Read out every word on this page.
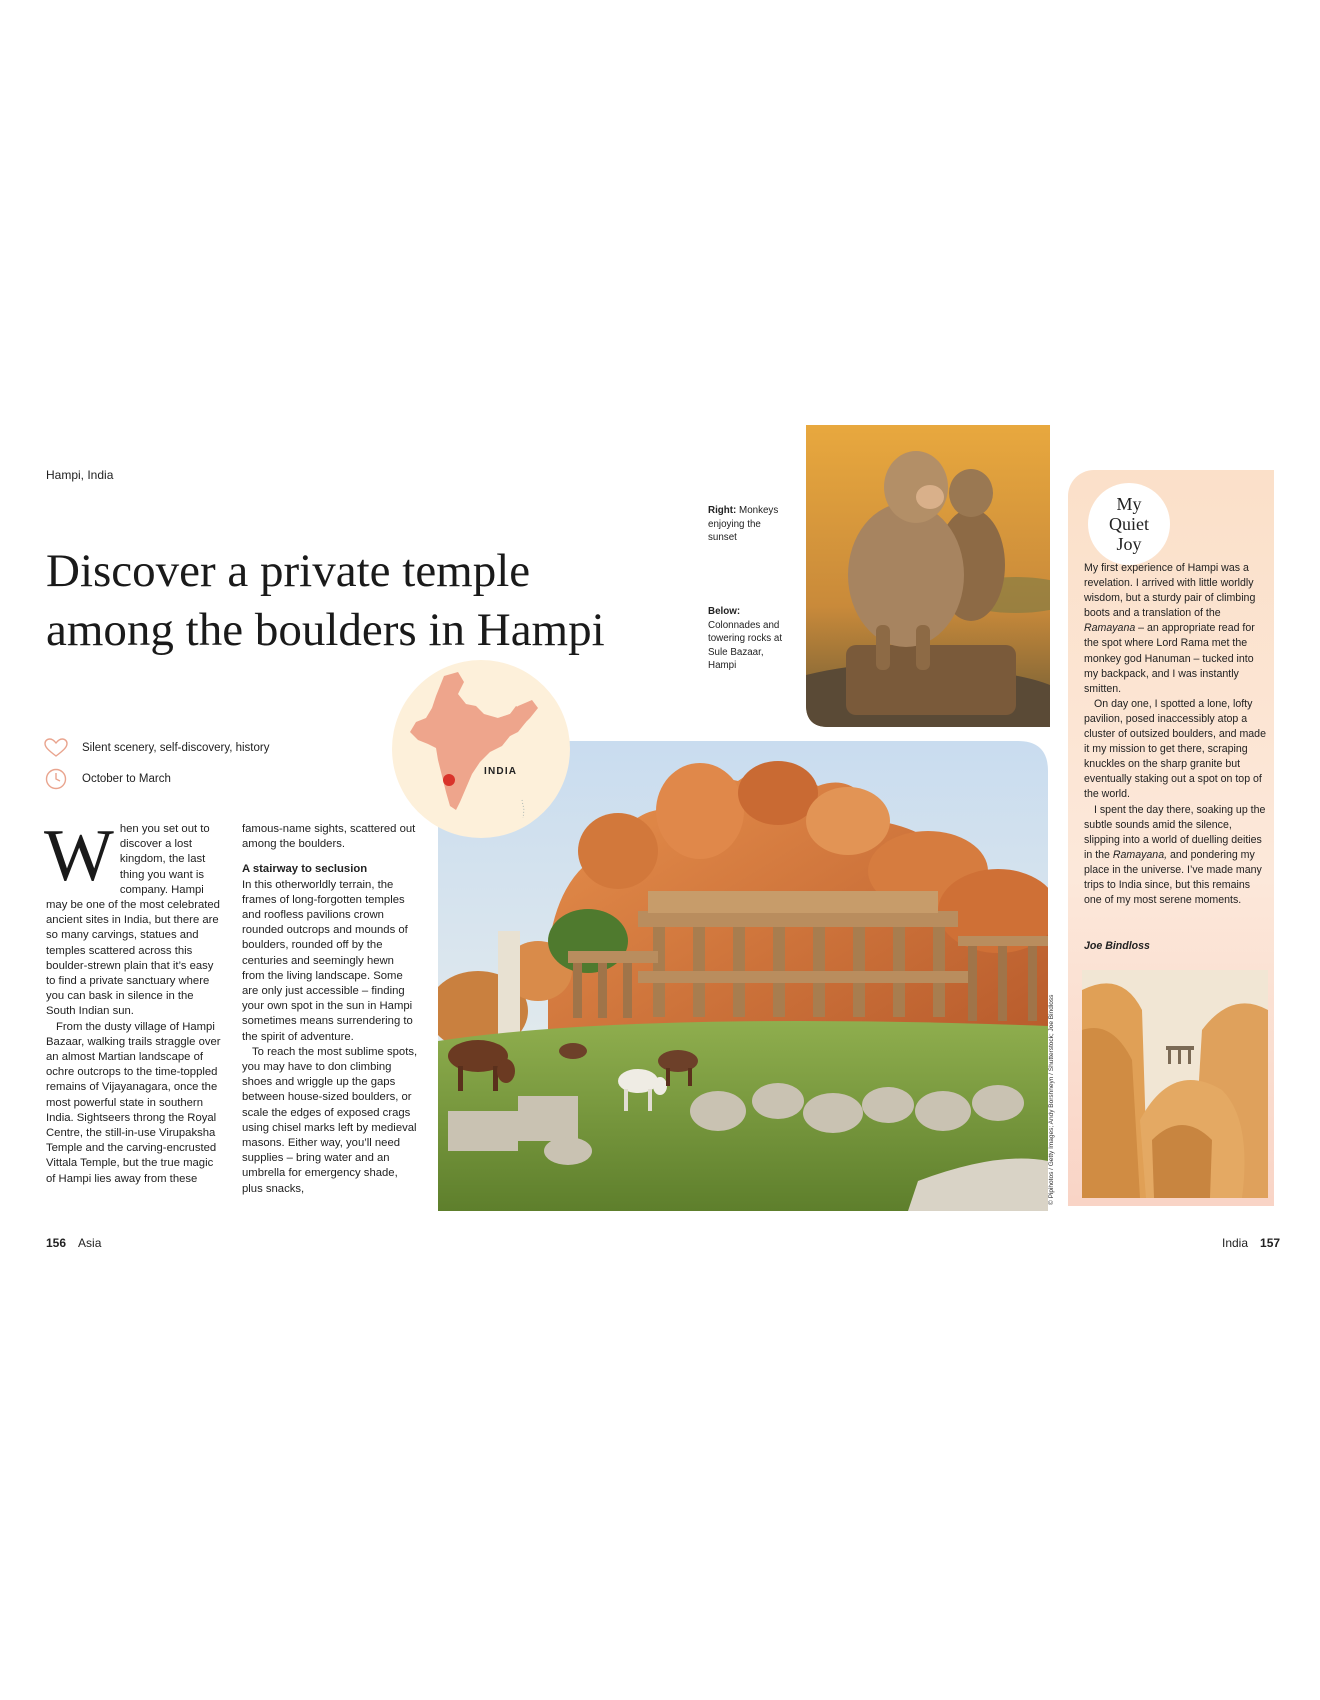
Hampi, India
Discover a private temple among the boulders in Hampi
Silent scenery, self-discovery, history
October to March

When you set out to discover a lost kingdom, the last thing you want is company. Hampi may be one of the most celebrated ancient sites in India, but there are so many carvings, statues and temples scattered across this boulder-strewn plain that it’s easy to find a private sanctuary where you can bask in silence in the South Indian sun.

From the dusty village of Hampi Bazaar, walking trails straggle over an almost Martian landscape of ochre outcrops to the time-toppled remains of Vijayanagara, once the most powerful state in southern India. Sightseers throng the Royal Centre, the still-in-use Virupaksha Temple and the carving-encrusted Vittala Temple, but the true magic of Hampi lies away from these

famous-name sights, scattered out among the boulders.

A stairway to seclusion

In this otherworldly terrain, the frames of long-forgotten temples and roofless pavilions crown rounded outcrops and mounds of boulders, rounded off by the centuries and seemingly hewn from the living landscape. Some are only just accessible – finding your own spot in the sun in Hampi sometimes means surrendering to the spirit of adventure.

To reach the most sublime spots, you may have to don climbing shoes and wriggle up the gaps between house-sized boulders, or scale the edges of exposed crags using chisel marks left by medieval masons. Either way, you’ll need supplies – bring water and an umbrella for emergency shade, plus snacks,

INDIA
Right: Monkeys enjoying the sunset
Below:
Colonnades and towering rocks at Sule Bazaar, Hampi
© Pipihotos / Getty Images; Andy Borshneyn / Shutterstock; Joe Bindloss
My
Quiet
Joy

My first experience of Hampi was a revelation. I arrived with little worldly wisdom, but a sturdy pair of climbing boots and a translation of the Ramayana – an appropriate read for the spot where Lord Rama met the monkey god Hanuman – tucked into my backpack, and I was instantly smitten.

On day one, I spotted a lone, lofty pavilion, posed inaccessibly atop a cluster of outsized boulders, and made it my mission to get there, scraping knuckles on the sharp granite but eventually staking out a spot on top of the world.

I spent the day there, soaking up the subtle sounds amid the silence, slipping into a world of duelling deities in the Ramayana, and pondering my place in the universe. I’ve made many trips to India since, but this remains one of my most serene moments.

Joe Bindloss
156 Asia	India 157
